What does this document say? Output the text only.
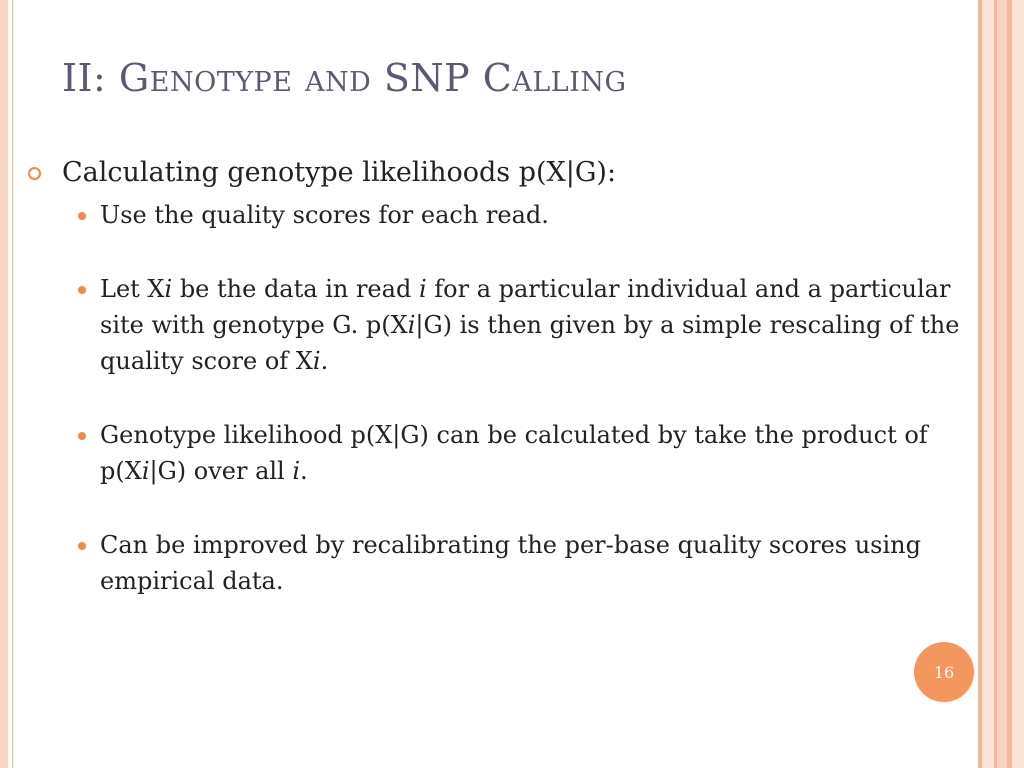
II: Genotype and SNP Calling
Calculating genotype likelihoods p(X|G):
Use the quality scores for each read.
Let Xi be the data in read i for a particular individual and a particular site with genotype G. p(Xi|G) is then given by a simple rescaling of the quality score of Xi.
Genotype likelihood p(X|G) can be calculated by take the product of p(Xi|G) over all i.
Can be improved by recalibrating the per-base quality scores using empirical data.
16
